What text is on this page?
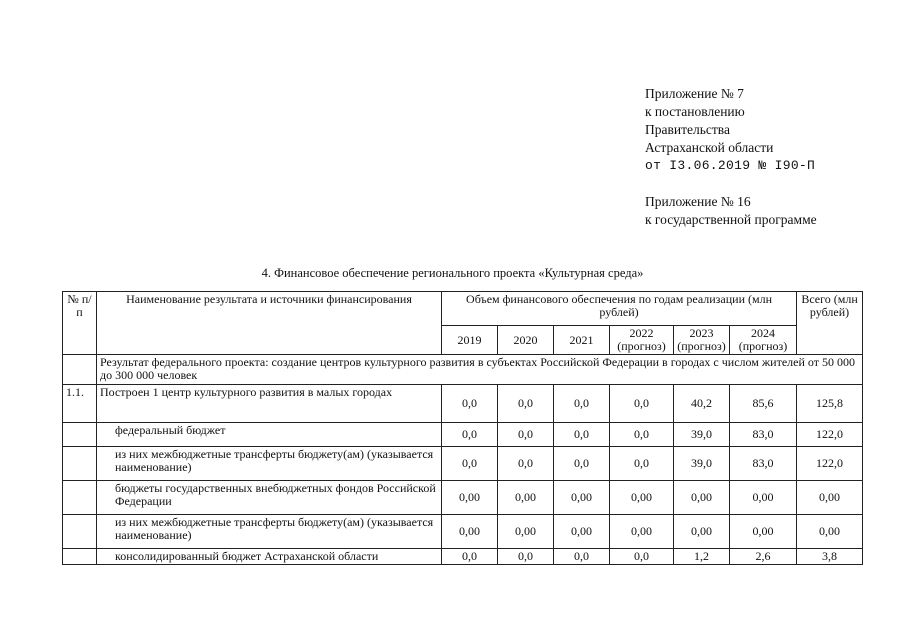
Приложение № 7
к постановлению
Правительства
Астраханской области
от I3.06.2019 № I90-П
Приложение № 16
к государственной программе
4. Финансовое обеспечение регионального проекта «Культурная среда»
№ п/п	Наименование результата и источники финансирования	Объем финансового обеспечения по годам реализации (млн рублей)						Всего (млн рублей)
		2019	2020	2021	2022 (прогноз)	2023 (прогноз)	2024 (прогноз)	
	Результат федерального проекта: создание центров культурного развития в субъектах Российской Федерации в городах с числом жителей от 50 000 до 300 000 человек							
1.1.	Построен 1 центр культурного развития в малых городах	0,0	0,0	0,0	0,0	40,2	85,6	125,8
	федеральный бюджет	0,0	0,0	0,0	0,0	39,0	83,0	122,0
	из них межбюджетные трансферты бюджету(ам) (указывается наименование)	0,0	0,0	0,0	0,0	39,0	83,0	122,0
	бюджеты государственных внебюджетных фондов Российской Федерации	0,00	0,00	0,00	0,00	0,00	0,00	0,00
	из них межбюджетные трансферты бюджету(ам) (указывается наименование)	0,00	0,00	0,00	0,00	0,00	0,00	0,00
	консолидированный бюджет Астраханской области	0,0	0,0	0,0	0,0	1,2	2,6	3,8
